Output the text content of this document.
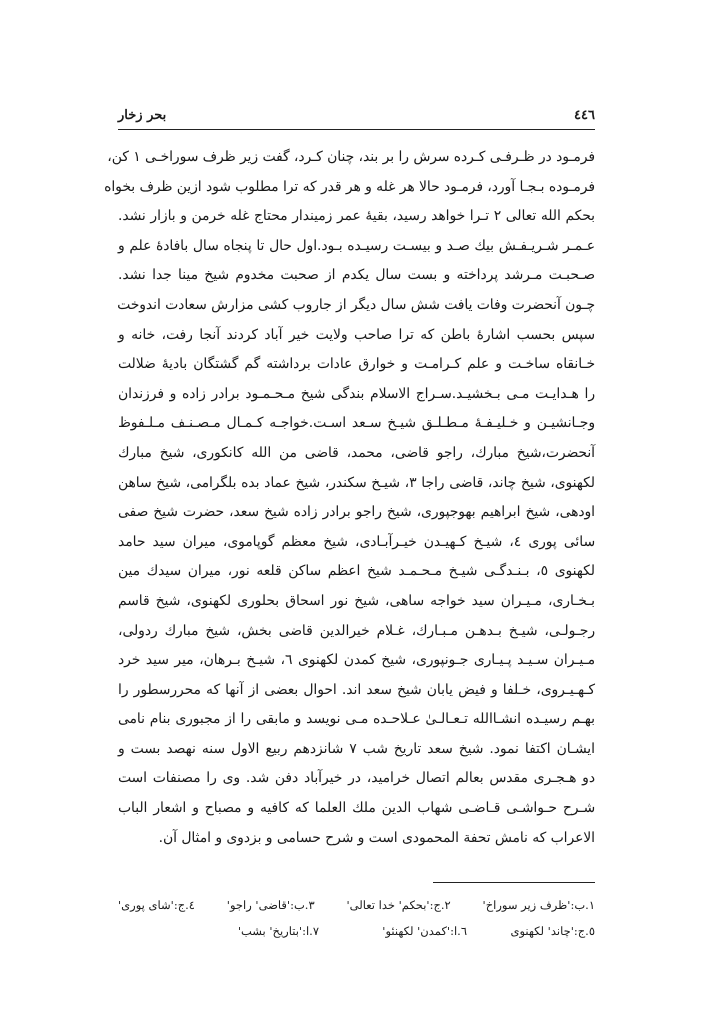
٤٤٦
بحر زخار
فرمـود در ظـرفـی کـرده سرش را بر بند، چنان کـرد، گفت زیر ظرف سوراخـی ١ کن،
فرمـوده بـجـا آورد، فرمـود حالا هر غله و هر قدر که ترا مطلوب شود ازین ظرف بخواه
بحکم الله تعالی ٢ تـرا خواهد رسید، بقیهٔ عمر زمیندار محتاج غله خرمن و بازار نشد.
عـمـر شـریـفـش بیك صـد و بیسـت رسیـده بـود.اول حال تا پنجاه سال بافادهٔ علم و
صـحبـت مـرشد پرداخته و بست سال یکدم از صحبت مخدوم شیخ مینا جدا نشد.
چـون آنحضرت وفات یافت شش سال دیگر از جاروب کشی مزارش سعادت اندوخت
سپس بحسب اشارهٔ باطن که ترا صاحب ولایت خیر آباد کردند آنجا رفت، خانه و
خـانقاه ساخـت و علم کـرامـت و خوارق عادات برداشته گم گشتگان بادیهٔ ضلالت
را هـدایـت مـی بـخشیـد.سـراج الاسلام بندگی شیخ مـحـمـود برادر زاده و فرزندان
وجـانشیـن و خـلیـفـهٔ مـطـلـق شیـخ سـعد اسـت.خواجـه کـمـال مـصـنـف مـلـفوظ
آنحضرت،شیخ مبارك، راجو قاضی، محمد، قاضی من الله کانکوری، شیخ مبارك
لکهنوی، شیخ چاند، قاضی راجا ٣، شیـخ سکندر، شیخ عماد بده بلگرامی، شیخ ساهن
اودهی، شیخ ابراهیم بهوجپوری، شیخ راجو برادر زاده شیخ سعد، حضرت شیخ صفی
سائی پوری ٤، شیـخ کـهیـدن خیـرآبـادی، شیخ معظم گوپاموی، میران سید حامد
لکهنوی ٥، بـنـدگـی شیـخ مـحـمـد شیخ اعظم ساکن قلعه نور، میران سیدك مین
بـخـاری، مـیـران سید خواجه ساهی، شیخ نور اسحاق بحلوری لکهنوی، شیخ قاسم
رجـولـی، شیـخ بـدهـن مـبـارك، غـلام خیرالدین قاضی بخش، شیخ مبارك ردولی،
مـیـران سـیـد پـیـاری جـونپوری، شیخ کمدن لکهنوی ٦، شیـخ بـرهان، میر سید خرد
کـهـیـروی، خـلفا و فیض یابان شیخ سعد اند. احوال بعضی از آنها که محررسطور را
بهـم رسیـده انشـاالله تـعـالـیٰ عـلاحـده مـی نویسد و مابقی را از مجبوری بنام نامی
ایشـان اکتفا نمود. شیخ سعد تاریخ شب ٧ شانزدهم ربیع الاول سنه نهصد بست و
دو هـجـری مقدس بعالم اتصال خرامید، در خیرآباد دفن شد. وی را مصنفات است
شـرح حـواشـی قـاضـی شهاب الدین ملك العلما که کافیه و مصباح و اشعار الباب
الاعراب که نامش تحفة المحمودی است و شرح حسامی و بزدوی و امثال آن.
١.ب:'ظرف زیر سوراخ'
٢.ج:'بحکم' خدا تعالی'
٣.ب:'قاضی' راجو'
٤.ج:'شای پوری'
٥.ج:'چاند' لکهنوی
٦.ا:'کمدن' لکهنئو'
٧.ا:'بتاریخ' بشب'
